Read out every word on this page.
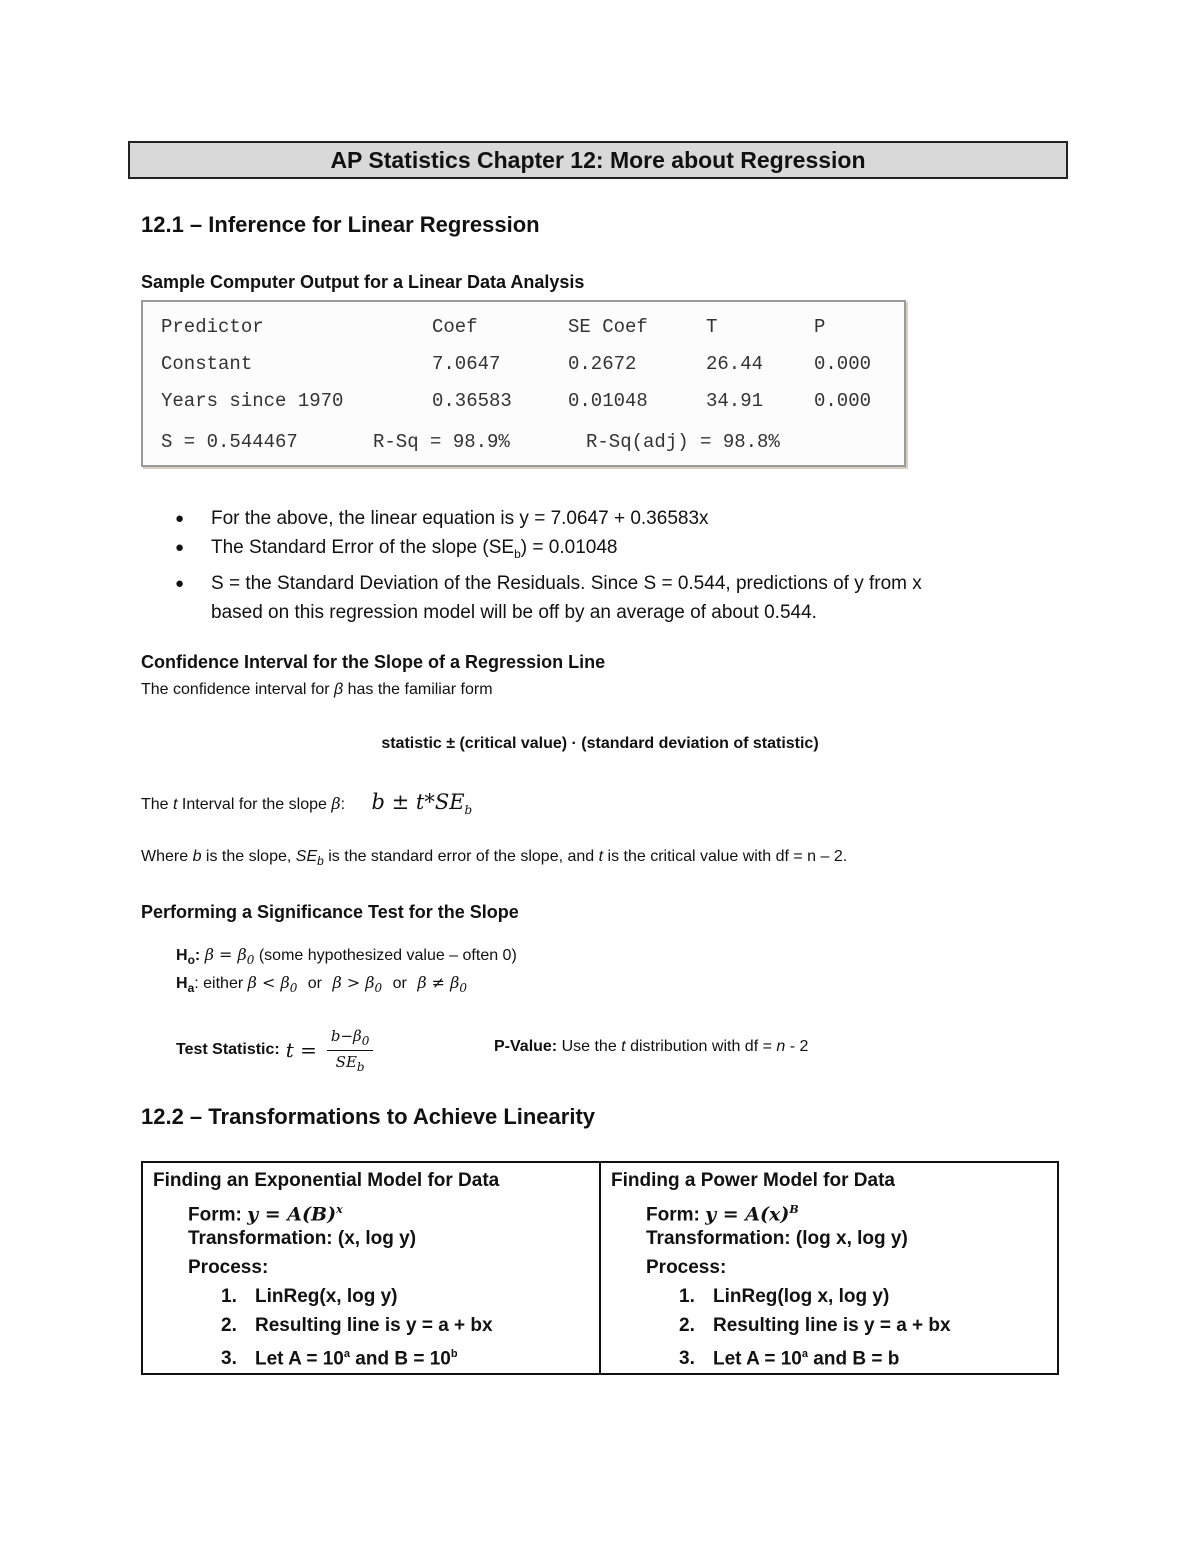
AP Statistics Chapter 12: More about Regression
12.1 – Inference for Linear Regression
Sample Computer Output for a Linear Data Analysis
Predictor	Coef	SE Coef	T	P
Constant	7.0647	0.2672	26.44	0.000
Years since 1970	0.36583	0.01048	34.91	0.000
S = 0.544467	R-Sq = 98.9%	R-Sq(adj) = 98.8%
● For the above, the linear equation is y = 7.0647 + 0.36583x
● The Standard Error of the slope $(SE_b) = 0.01048$
● S = the Standard Deviation of the Residuals. Since S = 0.544, predictions of y from x
based on this regression model will be off by an average of about 0.544.
Confidence Interval for the Slope of a Regression Line
The confidence interval for β has the familiar form
statistic ± (critical value) · (standard deviation of statistic)
The t Interval for the slope β: $b \pm t*SE_b$
Where b is the slope, $SE_b$ is the standard error of the slope, and t is the critical value with df = n – 2.
Performing a Significance Test for the Slope
$H_o$: $\beta = \beta_0$ (some hypothesized value – often 0)
$H_a$: either $\beta < \beta_0$ or $\beta > \beta_0$ or $\beta \ne \beta_0$
Test Statistic: $t = \frac{b-\beta_0}{SE_b}$	P-Value: Use the t distribution with df = n - 2
12.2 – Transformations to Achieve Linearity
Finding an Exponential Model for Data
Form: $y = A(B)^x$
Transformation: (x, log y)
Process:
1. LinReg(x, log y)
2. Resulting line is y = a + bx
3. Let $A = 10^a$ and $B = 10^b$

Finding a Power Model for Data
Form: $y = A(x)^B$
Transformation: (log x, log y)
Process:
1. LinReg(log x, log y)
2. Resulting line is y = a + bx
3. Let $A = 10^a$ and B = b
